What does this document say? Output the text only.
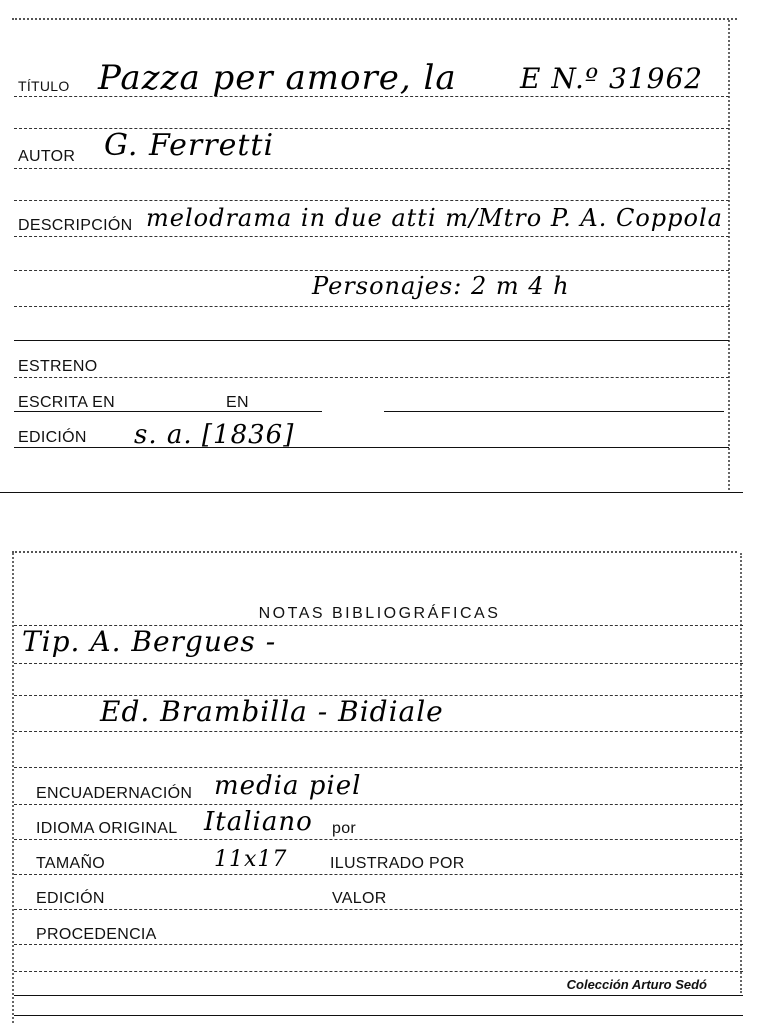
TÍTULO Pazza per amore, la E N.º 31962
AUTOR G. Ferretti
DESCRIPCIÓN melodrama in due atti m/Mtro P. A. Coppola
Personajes: 2 m 4 h
ESTRENO
ESCRITA EN	EN
EDICIÓN s. a. [1836]
NOTAS BIBLIOGRÁFICAS
Tip. A. Bergues -
Ed. Brambilla - Bidiale
ENCUADERNACIÓN media piel
IDIOMA ORIGINAL Italiano por
TAMAÑO	11x17	ILUSTRADO POR
EDICIÓN	VALOR
PROCEDENCIA
Colección Arturo Sedó
